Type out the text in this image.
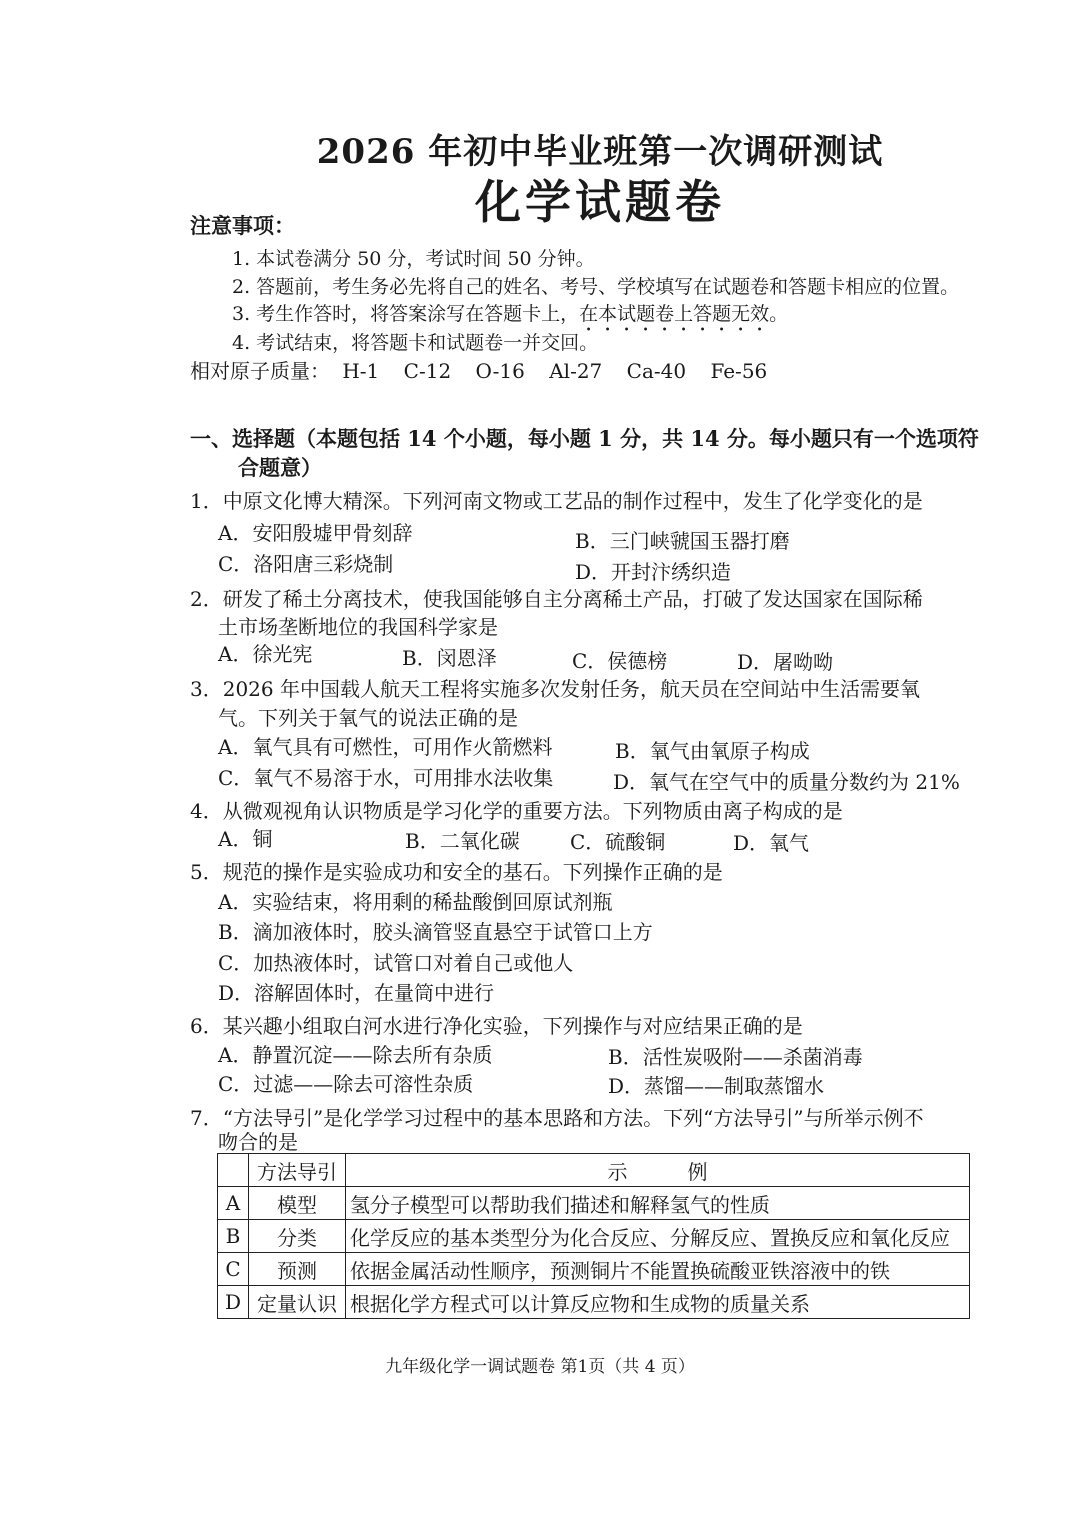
2026 年初中毕业班第一次调研测试
化学试题卷
注意事项：
1. 本试卷满分 50 分，考试时间 50 分钟。
2. 答题前，考生务必先将自己的姓名、考号、学校填写在试题卷和答题卡相应的位置。
3. 考生作答时，将答案涂写在答题卡上，在本试题卷上答题无效。
4. 考试结束，将答题卡和试题卷一并交回。
相对原子质量： H-1 C-12 O-16 Al-27 Ca-40 Fe-56
一、选择题（本题包括 14 个小题，每小题 1 分，共 14 分。每小题只有一个选项符
合题意）
1．中原文化博大精深。下列河南文物或工艺品的制作过程中，发生了化学变化的是
A．安阳殷墟甲骨刻辞	B．三门峡虢国玉器打磨
C．洛阳唐三彩烧制	D．开封汴绣织造
2．研发了稀土分离技术，使我国能够自主分离稀土产品，打破了发达国家在国际稀
土市场垄断地位的我国科学家是
A．徐光宪	B．闵恩泽	C．侯德榜	D．屠呦呦
3．2026 年中国载人航天工程将实施多次发射任务，航天员在空间站中生活需要氧
气。下列关于氧气的说法正确的是
A．氧气具有可燃性，可用作火箭燃料	B．氧气由氧原子构成
C．氧气不易溶于水，可用排水法收集	D．氧气在空气中的质量分数约为 21%
4．从微观视角认识物质是学习化学的重要方法。下列物质由离子构成的是
A．铜	B．二氧化碳	C．硫酸铜	D．氧气
5．规范的操作是实验成功和安全的基石。下列操作正确的是
A．实验结束，将用剩的稀盐酸倒回原试剂瓶
B．滴加液体时，胶头滴管竖直悬空于试管口上方
C．加热液体时，试管口对着自己或他人
D．溶解固体时，在量筒中进行
6．某兴趣小组取白河水进行净化实验，下列操作与对应结果正确的是
A．静置沉淀——除去所有杂质	B．活性炭吸附——杀菌消毒
C．过滤——除去可溶性杂质	D．蒸馏——制取蒸馏水
7．“方法导引”是化学学习过程中的基本思路和方法。下列“方法导引”与所举示例不
吻合的是
	方法导引	示　　　例
A	模型	氢分子模型可以帮助我们描述和解释氢气的性质
B	分类	化学反应的基本类型分为化合反应、分解反应、置换反应和氧化反应
C	预测	依据金属活动性顺序，预测铜片不能置换硫酸亚铁溶液中的铁
D	定量认识	根据化学方程式可以计算反应物和生成物的质量关系
九年级化学一调试题卷 第1页（共 4 页）
